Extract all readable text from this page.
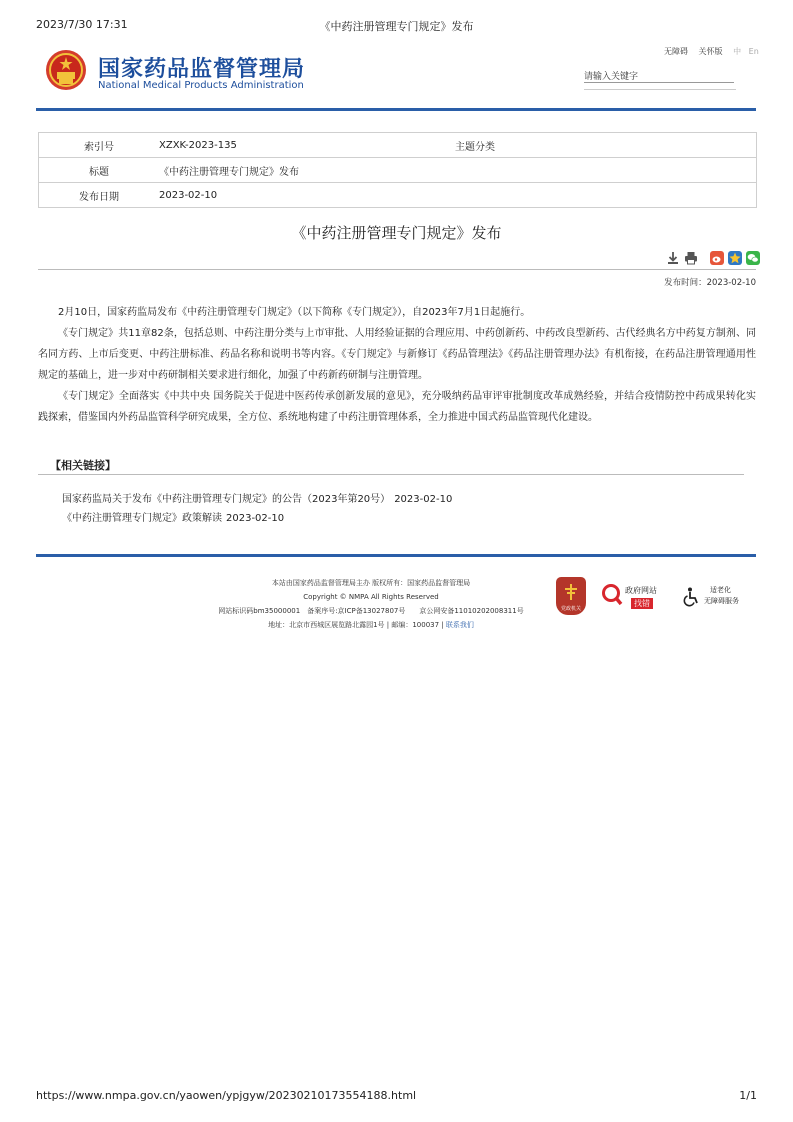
2023/7/30 17:31	《中药注册管理专门规定》发布
国家药品监督管理局
National Medical Products Administration
无障碍 关怀版 中 En
请输入关键字
索引号	XZXK-2023-135	主题分类
标题	《中药注册管理专门规定》发布
发布日期	2023-02-10
《中药注册管理专门规定》发布
发布时间：2023-02-10

2月10日，国家药监局发布《中药注册管理专门规定》（以下简称《专门规定》），自2023年7月1日起施行。

《专门规定》共11章82条，包括总则、中药注册分类与上市审批、人用经验证据的合理应用、中药创新药、中药改良型新药、古代经典名方中药复方制剂、同名同方药、上市后变更、中药注册标准、药品名称和说明书等内容。《专门规定》与新修订《药品管理法》《药品注册管理办法》有机衔接，在药品注册管理通用性规定的基础上，进一步对中药研制相关要求进行细化，加强了中药新药研制与注册管理。

《专门规定》全面落实《中共中央 国务院关于促进中医药传承创新发展的意见》，充分吸纳药品审评审批制度改革成熟经验，并结合疫情防控中药成果转化实践探索，借鉴国内外药品监管科学研究成果，全方位、系统地构建了中药注册管理体系，全力推进中国式药品监管现代化建设。

【相关链接】
国家药监局关于发布《中药注册管理专门规定》的公告（2023年第20号） 2023-02-10
《中药注册管理专门规定》政策解读 2023-02-10
本站由国家药品监督管理局主办 版权所有：国家药品监督管理局
Copyright © NMPA All Rights Reserved
网站标识码bm35000001　备案序号:京ICP备13027807号　　京公网安备11010202008311号
地址：北京市西城区展览路北露园1号 | 邮编：100037 | 联系我们
党政机关
政府网站
找错
适老化
无障碍服务
https://www.nmpa.gov.cn/yaowen/ypjgyw/20230210173554188.html	1/1
